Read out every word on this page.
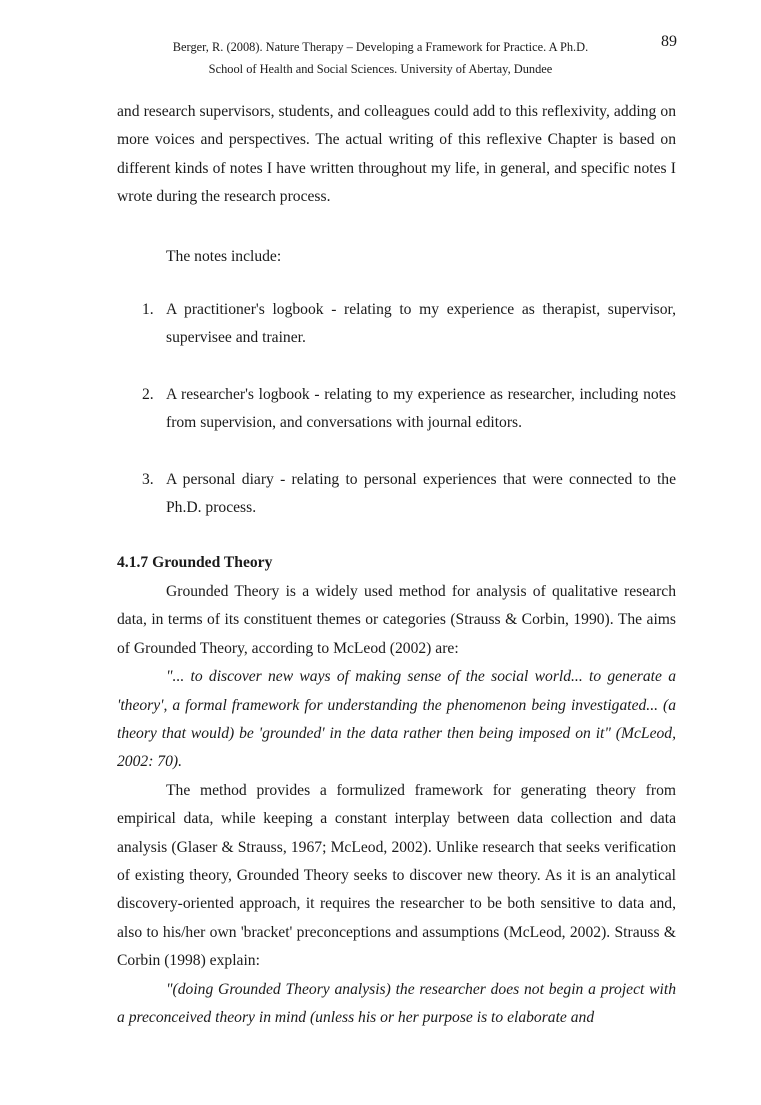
Berger, R. (2008). Nature Therapy – Developing a Framework for Practice. A Ph.D.
School of Health and Social Sciences. University of Abertay, Dundee
89

and research supervisors, students, and colleagues could add to this reflexivity, adding on more voices and perspectives. The actual writing of this reflexive Chapter is based on different kinds of notes I have written throughout my life, in general, and specific notes I wrote during the research process.

The notes include:

1. A practitioner's logbook - relating to my experience as therapist, supervisor, supervisee and trainer.
2. A researcher's logbook - relating to my experience as researcher, including notes from supervision, and conversations with journal editors.
3. A personal diary - relating to personal experiences that were connected to the Ph.D. process.

4.1.7 Grounded Theory

Grounded Theory is a widely used method for analysis of qualitative research data, in terms of its constituent themes or categories (Strauss & Corbin, 1990). The aims of Grounded Theory, according to McLeod (2002) are:

"... to discover new ways of making sense of the social world... to generate a 'theory', a formal framework for understanding the phenomenon being investigated... (a theory that would) be 'grounded' in the data rather then being imposed on it" (McLeod, 2002: 70).

The method provides a formulized framework for generating theory from empirical data, while keeping a constant interplay between data collection and data analysis (Glaser & Strauss, 1967; McLeod, 2002). Unlike research that seeks verification of existing theory, Grounded Theory seeks to discover new theory. As it is an analytical discovery-oriented approach, it requires the researcher to be both sensitive to data and, also to his/her own 'bracket' preconceptions and assumptions (McLeod, 2002). Strauss & Corbin (1998) explain:

"(doing Grounded Theory analysis) the researcher does not begin a project with a preconceived theory in mind (unless his or her purpose is to elaborate and
